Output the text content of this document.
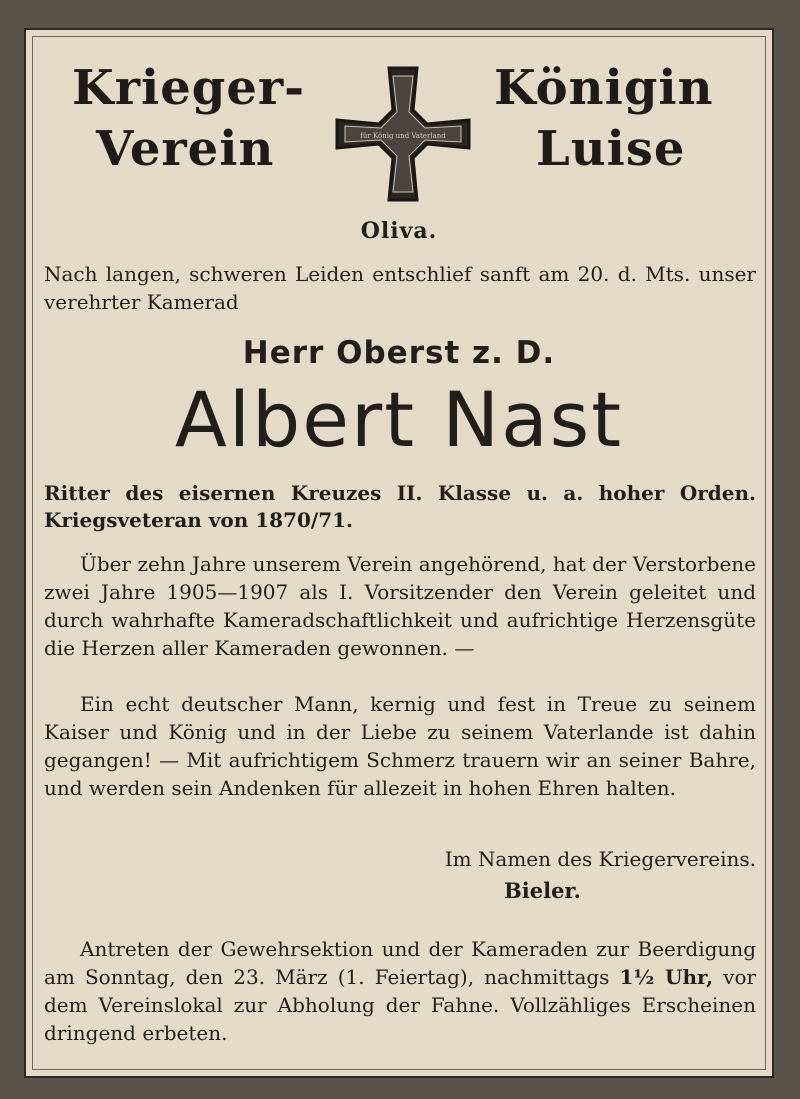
Krieger-
Verein
Königin
Luise
für König und Vaterland
Oliva.
Nach langen, schweren Leiden entschlief sanft am 20. d. Mts. unser verehrter Kamerad
Herr Oberst z. D.
Albert Nast
Ritter des eisernen Kreuzes II. Klasse u. a. hoher Orden. Kriegsveteran von 1870/71.
Über zehn Jahre unserem Verein angehörend, hat der Verstorbene zwei Jahre 1905—1907 als I. Vorsitzender den Verein geleitet und durch wahrhafte Kameradschaftlichkeit und aufrichtige Herzensgüte die Herzen aller Kameraden gewonnen. —
Ein echt deutscher Mann, kernig und fest in Treue zu seinem Kaiser und König und in der Liebe zu seinem Vaterlande ist dahin gegangen! — Mit aufrichtigem Schmerz trauern wir an seiner Bahre, und werden sein Andenken für allezeit in hohen Ehren halten.
Im Namen des Kriegervereins.
Bieler.
Antreten der Gewehrsektion und der Kameraden zur Beerdigung am Sonntag, den 23. März (1. Feiertag), nachmittags 1½ Uhr, vor dem Vereinslokal zur Abholung der Fahne. Vollzähliges Erscheinen dringend erbeten.
